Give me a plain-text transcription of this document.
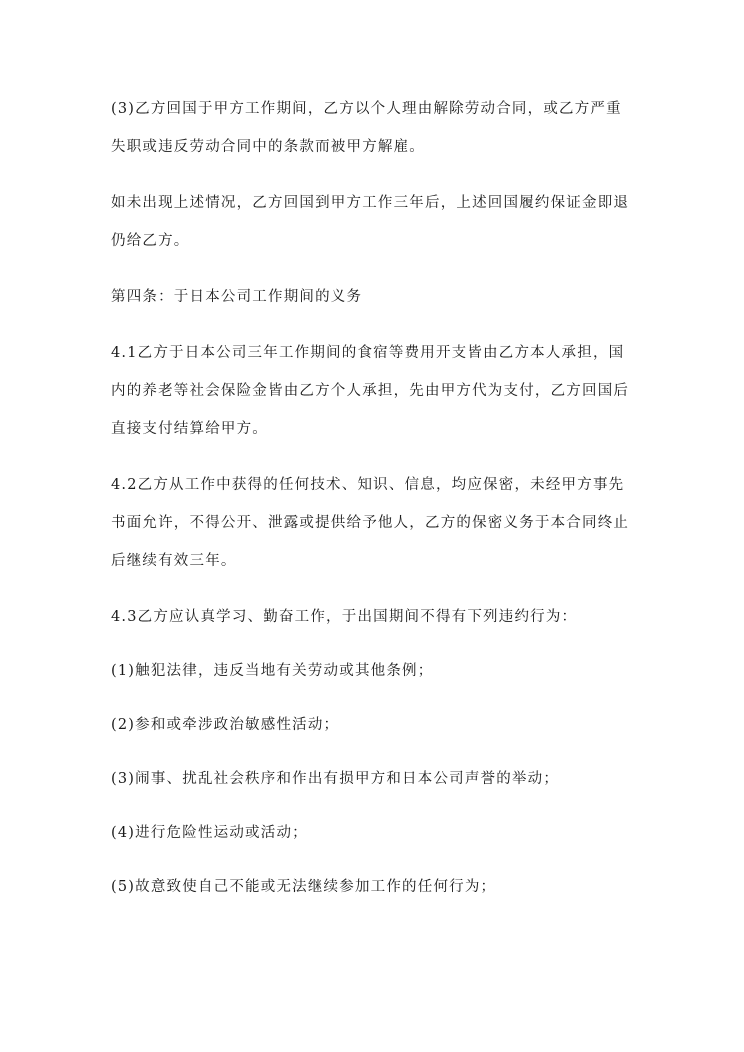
(3)乙方回国于甲方工作期间，乙方以个人理由解除劳动合同，或乙方严重失职或违反劳动合同中的条款而被甲方解雇。

如未出现上述情况，乙方回国到甲方工作三年后，上述回国履约保证金即退仍给乙方。

第四条：于日本公司工作期间的义务

4.1乙方于日本公司三年工作期间的食宿等费用开支皆由乙方本人承担，国内的养老等社会保险金皆由乙方个人承担，先由甲方代为支付，乙方回国后直接支付结算给甲方。

4.2乙方从工作中获得的任何技术、知识、信息，均应保密，未经甲方事先书面允许，不得公开、泄露或提供给予他人，乙方的保密义务于本合同终止后继续有效三年。

4.3乙方应认真学习、勤奋工作，于出国期间不得有下列违约行为：

(1)触犯法律，违反当地有关劳动或其他条例；

(2)参和或牵涉政治敏感性活动；

(3)闹事、扰乱社会秩序和作出有损甲方和日本公司声誉的举动；

(4)进行危险性运动或活动；

(5)故意致使自己不能或无法继续参加工作的任何行为；
